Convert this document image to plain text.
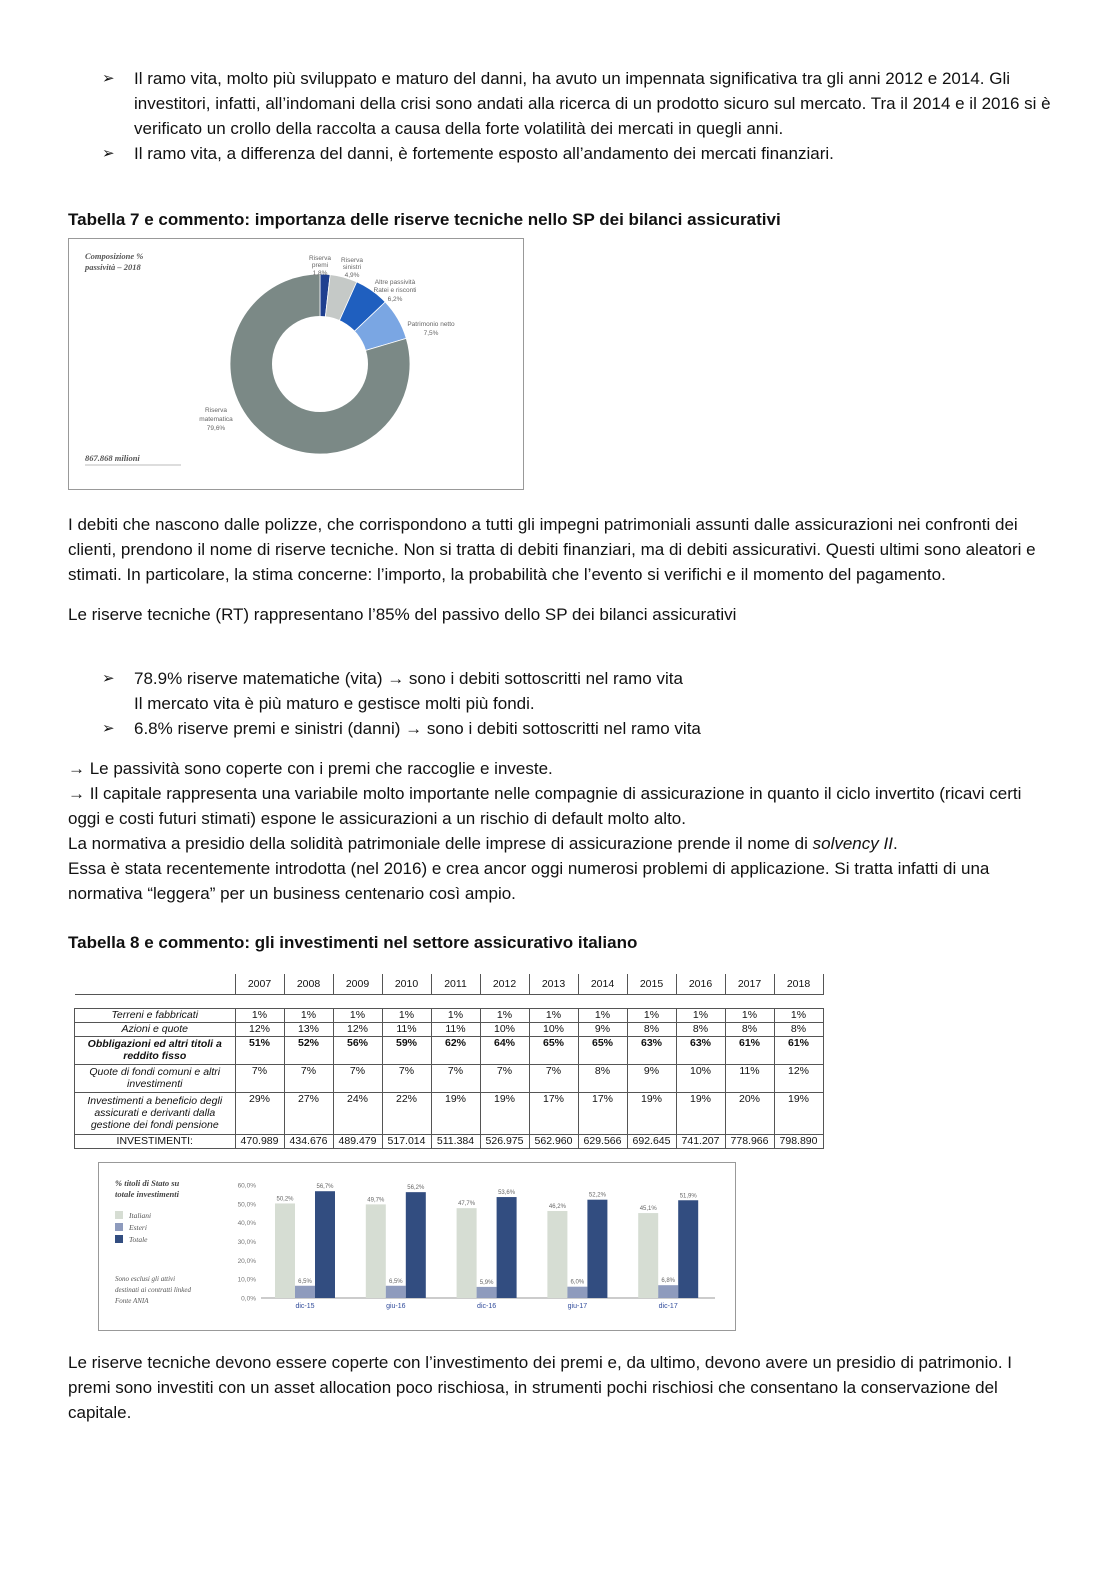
➢ Il ramo vita, molto più sviluppato e maturo del danni, ha avuto un impennata significativa tra gli anni 2012 e 2014. Gli investitori, infatti, all’indomani della crisi sono andati alla ricerca di un prodotto sicuro sul mercato. Tra il 2014 e il 2016 si è verificato un crollo della raccolta a causa della forte volatilità dei mercati in quegli anni.
➢ Il ramo vita, a differenza del danni, è fortemente esposto all’andamento dei mercati finanziari.
Tabella 7 e commento: importanza delle riserve tecniche nello SP dei bilanci assicurativi
Composizione %
passività – 2018
Riserva
premi
1,8%
Riserva
sinistri
4,9%
Altre passività
Ratei e risconti
6,2%
Patrimonio netto
7,5%
Riserva
matematica
79,6%
867.868 milioni

I debiti che nascono dalle polizze, che corrispondono a tutti gli impegni patrimoniali assunti dalle assicurazioni nei confronti dei clienti, prendono il nome di riserve tecniche. Non si tratta di debiti finanziari, ma di debiti assicurativi. Questi ultimi sono aleatori e stimati. In particolare, la stima concerne: l’importo, la probabilità che l’evento si verifichi e il momento del pagamento.

Le riserve tecniche (RT) rappresentano l’85% del passivo dello SP dei bilanci assicurativi

➢ 78.9% riserve matematiche (vita) → sono i debiti sottoscritti nel ramo vita
Il mercato vita è più maturo e gestisce molti più fondi.
➢ 6.8% riserve premi e sinistri (danni) → sono i debiti sottoscritti nel ramo vita

→ Le passività sono coperte con i premi che raccoglie e investe.

→ Il capitale rappresenta una variabile molto importante nelle compagnie di assicurazione in quanto il ciclo invertito (ricavi certi oggi e costi futuri stimati) espone le assicurazioni a un rischio di default molto alto.

La normativa a presidio della solidità patrimoniale delle imprese di assicurazione prende il nome di solvency II.

Essa è stata recentemente introdotta (nel 2016) e crea ancor oggi numerosi problemi di applicazione. Si tratta infatti di una normativa “leggera” per un business centenario così ampio.

Tabella 8 e commento: gli investimenti nel settore assicurativo italiano
	2007	2008	2009	2010	2011	2012	2013	2014	2015	2016	2017	2018

Terreni e fabbricati	1%	1%	1%	1%	1%	1%	1%	1%	1%	1%	1%	1%
Azioni e quote	12%	13%	12%	11%	11%	10%	10%	9%	8%	8%	8%	8%
Obbligazioni ed altri titoli a reddito fisso	51%	52%	56%	59%	62%	64%	65%	65%	63%	63%	61%	61%
Quote di fondi comuni e altri investimenti	7%	7%	7%	7%	7%	7%	7%	8%	9%	10%	11%	12%
Investimenti a beneficio degli assicurati e derivanti dalla gestione dei fondi pensione	29%	27%	24%	22%	19%	19%	17%	17%	19%	19%	20%	19%
INVESTIMENTI:	470.989	434.676	489.479	517.014	511.384	526.975	562.960	629.566	692.645	741.207	778.966	798.890
% titoli di Stato su
totale investimenti
Italiani
Esteri
Totale
Sono esclusi gli attivi
destinati ai contratti linked
Fonte ANIA	0,0%
10,0%
20,0%
30,0%
40,0%
50,0%
60,0%
50,2%
6,5%
56,7%
dic-15
49,7%
6,5%
56,2%
giu-16
47,7%
5,9%
53,6%
dic-16
46,2%
6,0%
52,2%
giu-17
45,1%
6,8%
51,9%
dic-17

Le riserve tecniche devono essere coperte con l’investimento dei premi e, da ultimo, devono avere un presidio di patrimonio. I premi sono investiti con un asset allocation poco rischiosa, in strumenti pochi rischiosi che consentano la conservazione del capitale.
